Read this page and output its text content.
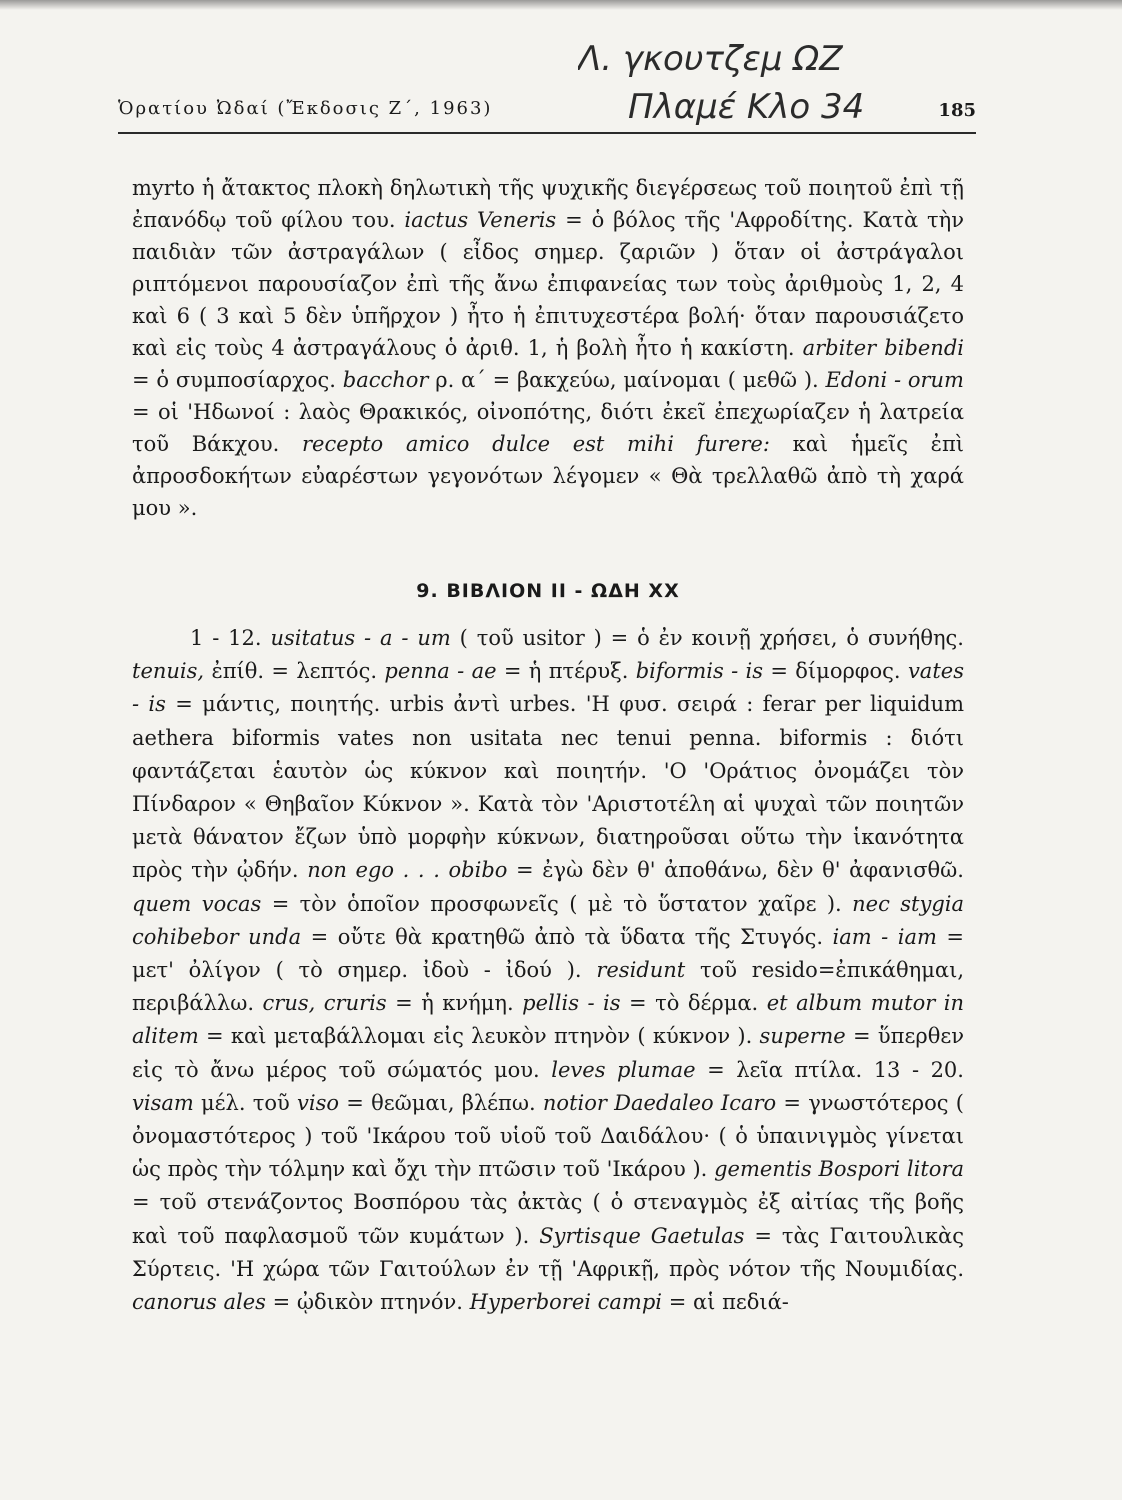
Ὁρατίου Ὠδαί (Ἔκδοσις Ζ΄, 1963)	185
Λ. γκουτζεμ ΩΖ
Πλαμέ Κλο 34

myrto ἡ ἄτακτος πλοκὴ δηλωτικὴ τῆς ψυχικῆς διεγέρσεως τοῦ ποιητοῦ ἐπὶ τῇ ἐπανόδῳ τοῦ φίλου του. iactus Veneris = ὁ βόλος τῆς 'Αφροδίτης. Κατὰ τὴν παιδιὰν τῶν ἀστραγάλων ( εἶδος σημερ. ζαριῶν ) ὅταν οἱ ἀστράγαλοι ριπτόμενοι παρουσίαζον ἐπὶ τῆς ἄνω ἐπιφανείας των τοὺς ἀριθμοὺς 1, 2, 4 καὶ 6 ( 3 καὶ 5 δὲν ὑπῆρχον ) ἦτο ἡ ἐπιτυχεστέρα βολή· ὅταν παρουσιάζετο καὶ εἰς τοὺς 4 ἀστραγάλους ὁ ἀριθ. 1, ἡ βολὴ ἦτο ἡ κακίστη. arbiter bibendi = ὁ συμποσίαρχος. bacchor ρ. α΄ = βακχεύω, μαίνομαι ( μεθῶ ). Edoni - orum = οἱ 'Ηδωνοί : λαὸς Θρακικός, οἰνοπότης, διότι ἐκεῖ ἐπεχωρίαζεν ἡ λατρεία τοῦ Βάκχου. recepto amico dulce est mihi furere: καὶ ἡμεῖς ἐπὶ ἀπροσδοκήτων εὐαρέστων γεγονότων λέγομεν « Θὰ τρελλαθῶ ἀπὸ τὴ χαρά μου ».

9. ΒΙΒΛΙΟΝ ΙΙ - ΩΔΗ ΧΧ

1 - 12. usitatus - a - um ( τοῦ usitor ) = ὁ ἐν κοινῇ χρήσει, ὁ συνήθης. tenuis, ἐπίθ. = λεπτός. penna - ae = ἡ πτέρυξ. biformis - is = δίμορφος. vates - is = μάντις, ποιητής. urbis ἀντὶ urbes. 'Η φυσ. σειρά : ferar per liquidum aethera biformis vates non usitata nec tenui penna. biformis : διότι φαντάζεται ἑαυτὸν ὡς κύκνον καὶ ποιητήν. 'Ο 'Οράτιος ὀνομάζει τὸν Πίνδαρον « Θηβαῖον Κύκνον ». Κατὰ τὸν 'Αριστοτέλη αἱ ψυχαὶ τῶν ποιητῶν μετὰ θάνατον ἔζων ὑπὸ μορφὴν κύκνων, διατηροῦσαι οὕτω τὴν ἱκανότητα πρὸς τὴν ᾠδήν. non ego . . . obibo = ἐγὼ δὲν θ' ἀποθάνω, δὲν θ' ἀφανισθῶ. quem vocas = τὸν ὁποῖον προσφωνεῖς ( μὲ τὸ ὕστατον χαῖρε ). nec stygia cohibebor unda = οὔτε θὰ κρατηθῶ ἀπὸ τὰ ὕδατα τῆς Στυγός. iam - iam = μετ' ὀλίγον ( τὸ σημερ. ἰδοὺ - ἰδού ). residunt τοῦ resido=ἐπικάθημαι, περιβάλλω. crus, cruris = ἡ κνήμη. pellis - is = τὸ δέρμα. et album mutor in alitem = καὶ μεταβάλλομαι εἰς λευκὸν πτηνὸν ( κύκνον ). superne = ὕπερθεν εἰς τὸ ἄνω μέρος τοῦ σώματός μου. leves plumae = λεῖα πτίλα. 13 - 20. visam μέλ. τοῦ viso = θεῶμαι, βλέπω. notior Daedaleo Icaro = γνωστότερος ( ὀνομαστότερος ) τοῦ 'Ικάρου τοῦ υἱοῦ τοῦ Δαιδάλου· ( ὁ ὑπαινιγμὸς γίνεται ὡς πρὸς τὴν τόλμην καὶ ὄχι τὴν πτῶσιν τοῦ 'Ικάρου ). gementis Bospori litora = τοῦ στενάζοντος Βοσπόρου τὰς ἀκτὰς ( ὁ στεναγμὸς ἐξ αἰτίας τῆς βοῆς καὶ τοῦ παφλασμοῦ τῶν κυμάτων ). Syrtisque Gaetulas = τὰς Γαιτουλικὰς Σύρτεις. 'Η χώρα τῶν Γαιτούλων ἐν τῇ 'Αφρικῇ, πρὸς νότον τῆς Νουμιδίας. canorus ales = ᾠδικὸν πτηνόν. Hyperborei campi = αἱ πεδιά-
